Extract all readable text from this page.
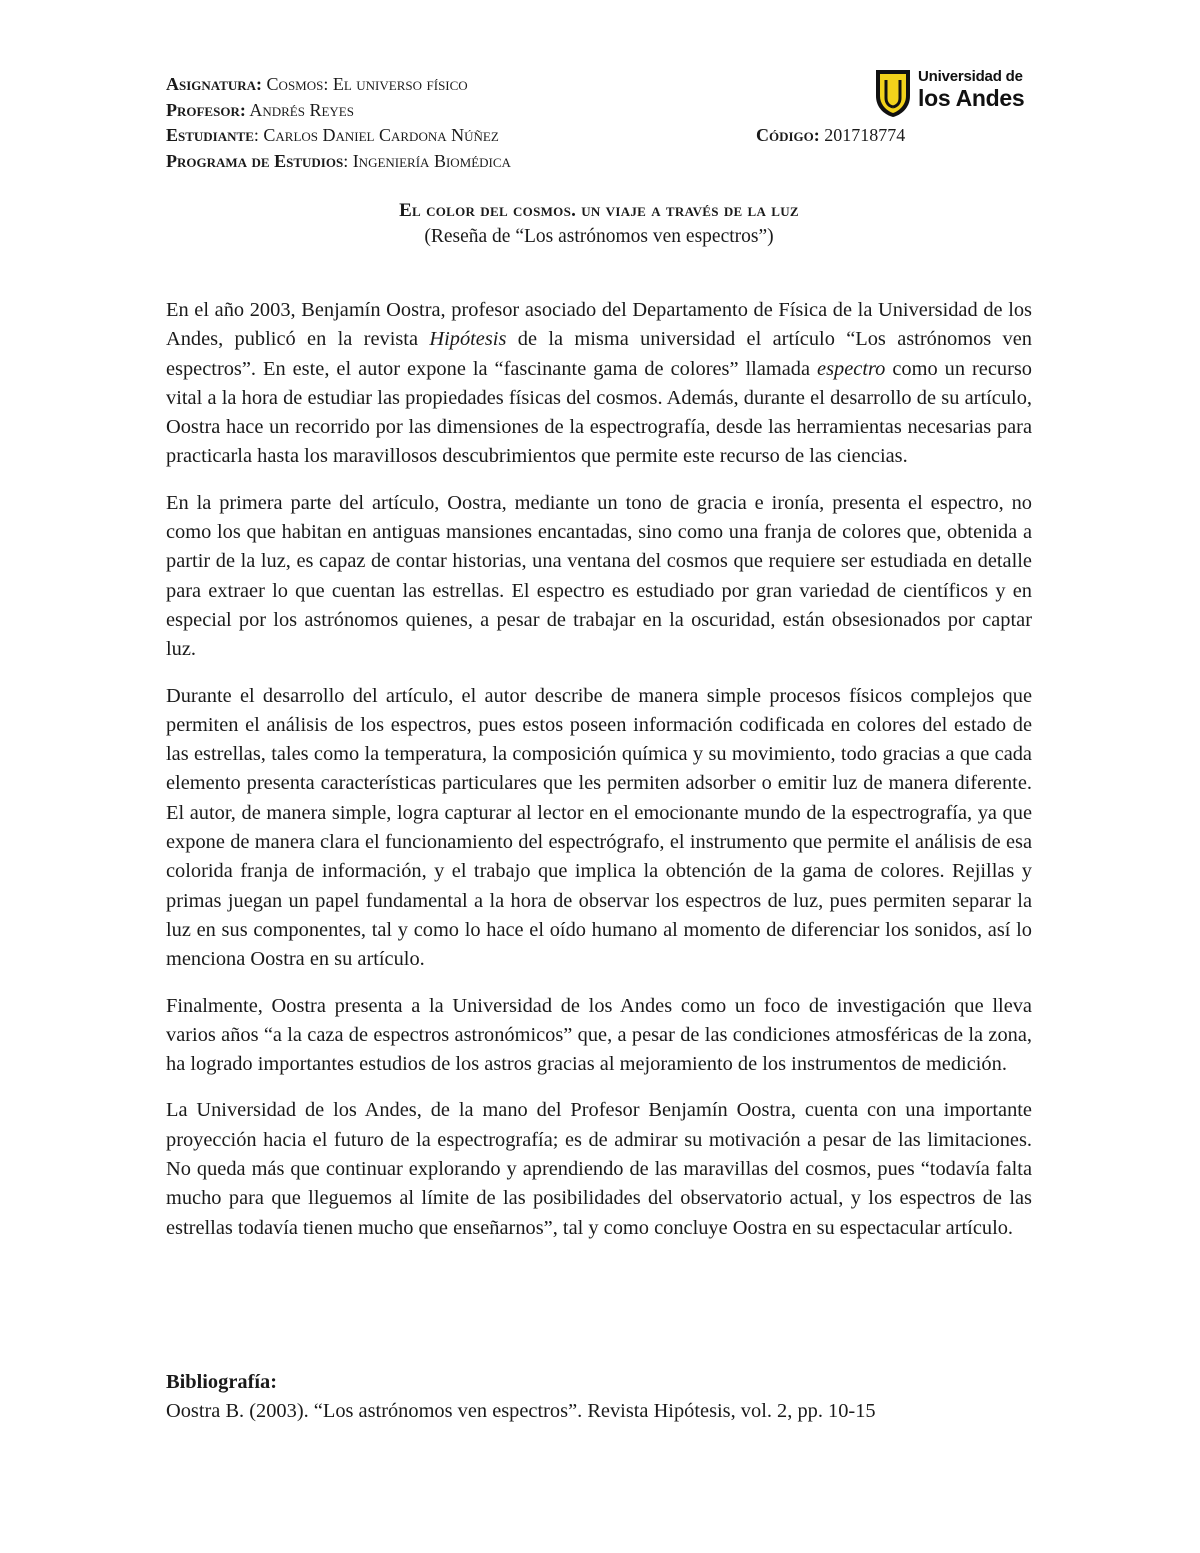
Asignatura: Cosmos: El universo físico
Profesor: Andrés Reyes
Estudiante: Carlos Daniel Cardona Núñez	Código: 201718774
Programa de Estudios: Ingeniería Biomédica
Universidad de
los Andes
El color del cosmos. un viaje a través de la luz
(Reseña de “Los astrónomos ven espectros”)

En el año 2003, Benjamín Oostra, profesor asociado del Departamento de Física de la Universidad de los Andes, publicó en la revista Hipótesis de la misma universidad el artículo “Los astrónomos ven espectros”. En este, el autor expone la “fascinante gama de colores” llamada espectro como un recurso vital a la hora de estudiar las propiedades físicas del cosmos. Además, durante el desarrollo de su artículo, Oostra hace un recorrido por las dimensiones de la espectrografía, desde las herramientas necesarias para practicarla hasta los maravillosos descubrimientos que permite este recurso de las ciencias.

En la primera parte del artículo, Oostra, mediante un tono de gracia e ironía, presenta el espectro, no como los que habitan en antiguas mansiones encantadas, sino como una franja de colores que, obtenida a partir de la luz, es capaz de contar historias, una ventana del cosmos que requiere ser estudiada en detalle para extraer lo que cuentan las estrellas. El espectro es estudiado por gran variedad de científicos y en especial por los astrónomos quienes, a pesar de trabajar en la oscuridad, están obsesionados por captar luz.

Durante el desarrollo del artículo, el autor describe de manera simple procesos físicos complejos que permiten el análisis de los espectros, pues estos poseen información codificada en colores del estado de las estrellas, tales como la temperatura, la composición química y su movimiento, todo gracias a que cada elemento presenta características particulares que les permiten adsorber o emitir luz de manera diferente. El autor, de manera simple, logra capturar al lector en el emocionante mundo de la espectrografía, ya que expone de manera clara el funcionamiento del espectrógrafo, el instrumento que permite el análisis de esa colorida franja de información, y el trabajo que implica la obtención de la gama de colores. Rejillas y primas juegan un papel fundamental a la hora de observar los espectros de luz, pues permiten separar la luz en sus componentes, tal y como lo hace el oído humano al momento de diferenciar los sonidos, así lo menciona Oostra en su artículo.

Finalmente, Oostra presenta a la Universidad de los Andes como un foco de investigación que lleva varios años “a la caza de espectros astronómicos” que, a pesar de las condiciones atmosféricas de la zona, ha logrado importantes estudios de los astros gracias al mejoramiento de los instrumentos de medición.

La Universidad de los Andes, de la mano del Profesor Benjamín Oostra, cuenta con una importante proyección hacia el futuro de la espectrografía; es de admirar su motivación a pesar de las limitaciones. No queda más que continuar explorando y aprendiendo de las maravillas del cosmos, pues “todavía falta mucho para que lleguemos al límite de las posibilidades del observatorio actual, y los espectros de las estrellas todavía tienen mucho que enseñarnos”, tal y como concluye Oostra en su espectacular artículo.

Bibliografía:
Oostra B. (2003). “Los astrónomos ven espectros”. Revista Hipótesis, vol. 2, pp. 10-15
